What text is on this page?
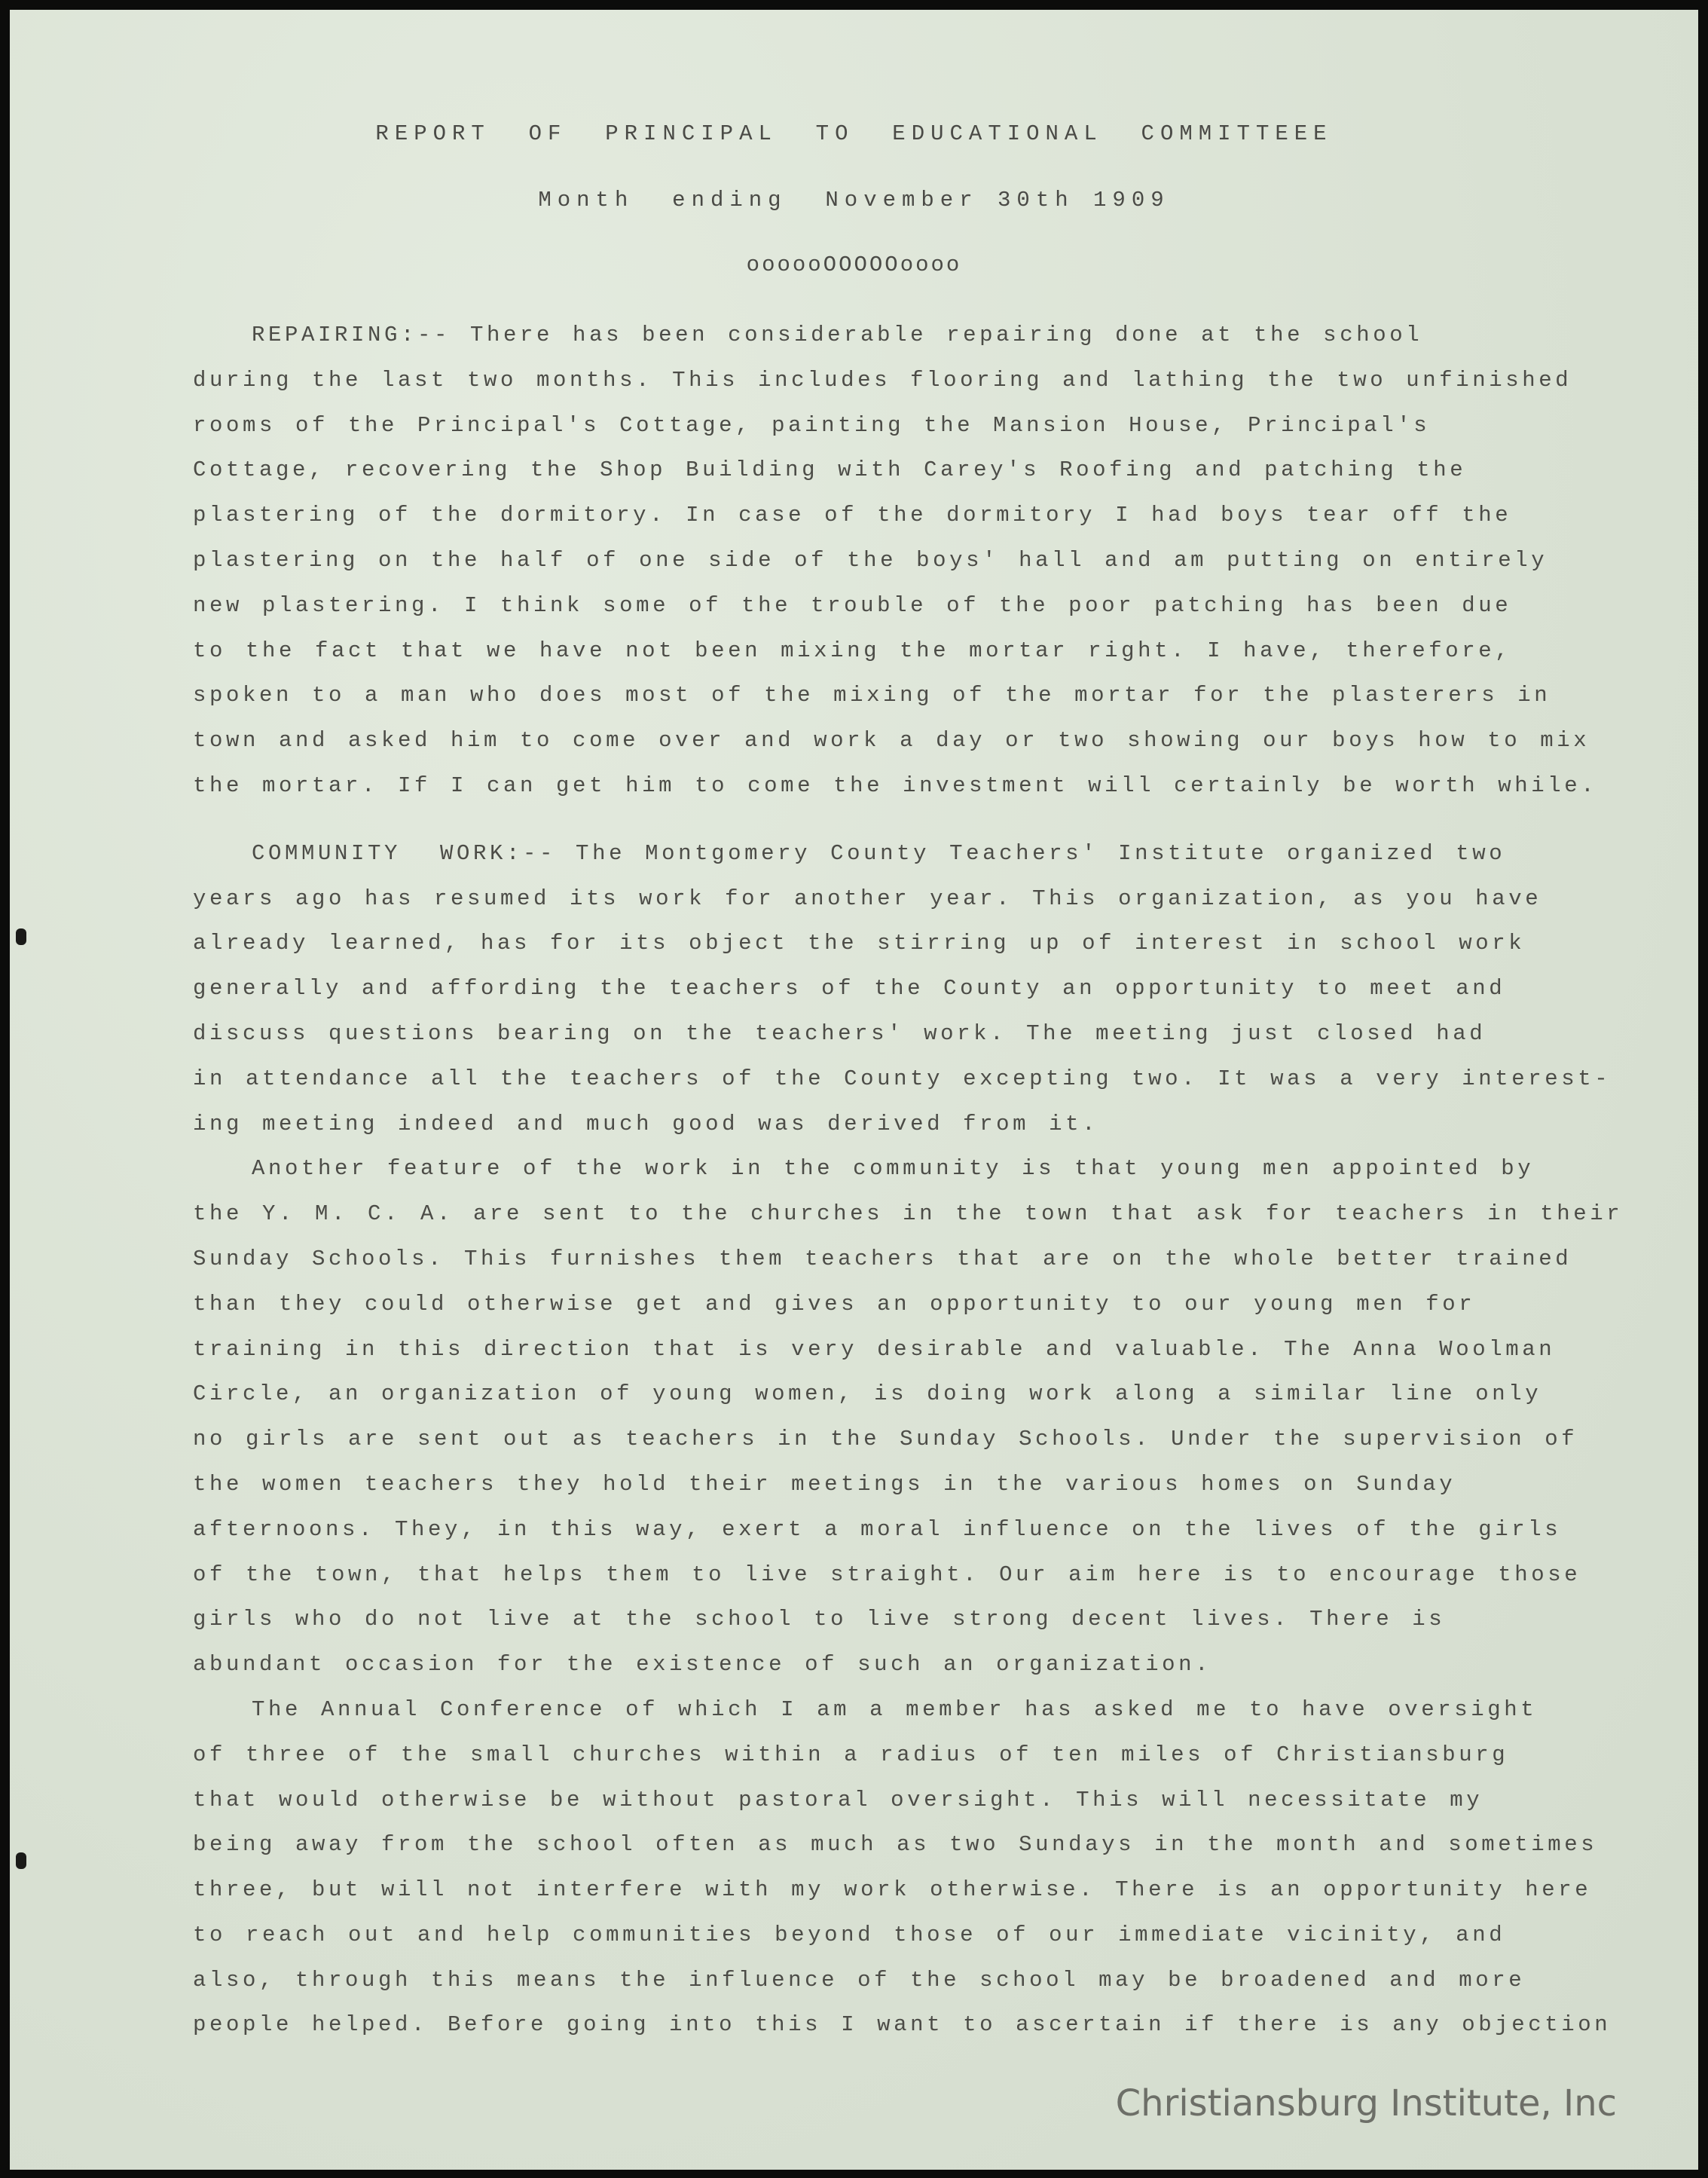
REPORT  OF  PRINCIPAL  TO  EDUCATIONAL  COMMITTEEE
Month  ending  November 30th 1909
oooooOOOOOoooo
REPAIRING:-- There has been considerable repairing done at the school
during the last two months. This includes flooring and lathing the two unfinished
rooms of the Principal's Cottage, painting the Mansion House, Principal's
Cottage, recovering the Shop Building with Carey's Roofing and patching the
plastering of the dormitory. In case of the dormitory I had boys tear off the
plastering on the half of one side of the boys' hall and am putting on entirely
new plastering. I think some of the trouble of the poor patching has been due
to the fact that we have not been mixing the mortar right. I have, therefore,
spoken to a man who does most of the mixing of the mortar for the plasterers in
town and asked him to come over and work a day or two showing our boys how to mix
the mortar. If I can get him to come the investment will certainly be worth while.
COMMUNITY  WORK:-- The Montgomery County Teachers' Institute organized two
years ago has resumed its work for another year. This organization, as you have
already learned, has for its object the stirring up of interest in school work
generally and affording the teachers of the County an opportunity to meet and
discuss questions bearing on the teachers' work. The meeting just closed had
in attendance all the teachers of the County excepting two. It was a very interest-
ing meeting indeed and much good was derived from it.
Another feature of the work in the community is that young men appointed by
the Y. M. C. A. are sent to the churches in the town that ask for teachers in their
Sunday Schools. This furnishes them teachers that are on the whole better trained
than they could otherwise get and gives an opportunity to our young men for
training in this direction that is very desirable and valuable. The Anna Woolman
Circle, an organization of young women, is doing work along a similar line only
no girls are sent out as teachers in the Sunday Schools. Under the supervision of
the women teachers they hold their meetings in the various homes on Sunday
afternoons. They, in this way, exert a moral influence on the lives of the girls
of the town, that helps them to live straight. Our aim here is to encourage those
girls who do not live at the school to live strong decent lives. There is
abundant occasion for the existence of such an organization.
The Annual Conference of which I am a member has asked me to have oversight
of three of the small churches within a radius of ten miles of Christiansburg
that would otherwise be without pastoral oversight. This will necessitate my
being away from the school often as much as two Sundays in the month and sometimes
three, but will not interfere with my work otherwise. There is an opportunity here
to reach out and help communities beyond those of our immediate vicinity, and
also, through this means the influence of the school may be broadened and more
people helped. Before going into this I want to ascertain if there is any objection
Christiansburg Institute, Inc
